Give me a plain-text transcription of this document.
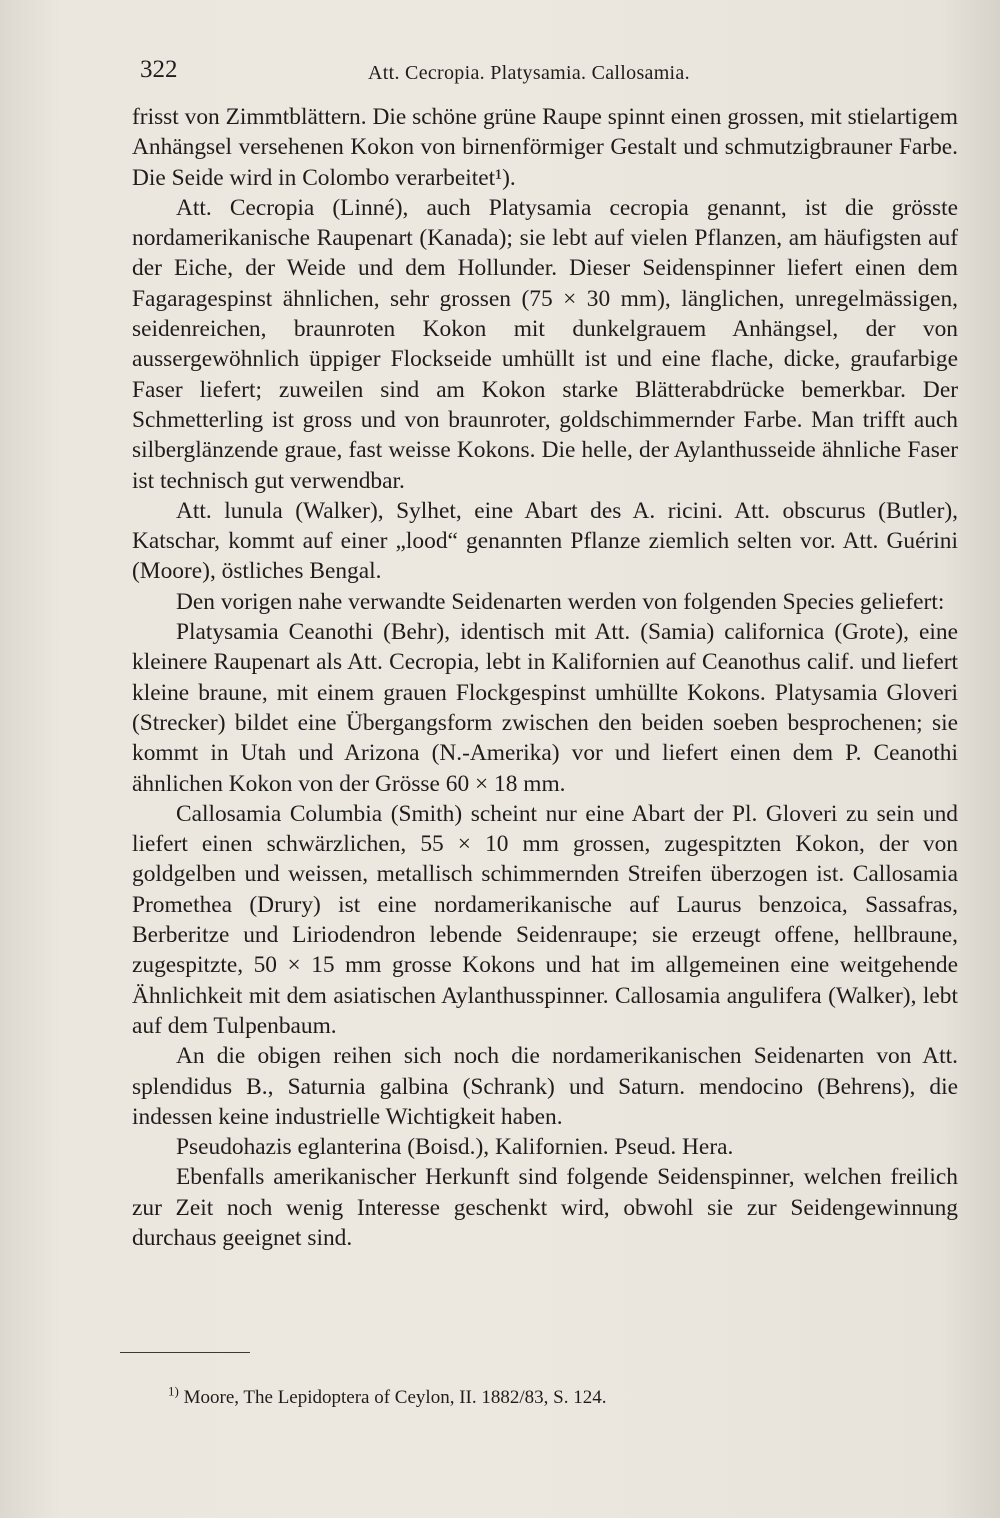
322	Att. Cecropia. Platysamia. Callosamia.

frisst von Zimmtblättern. Die schöne grüne Raupe spinnt einen grossen, mit stielartigem Anhängsel versehenen Kokon von birnenförmiger Gestalt und schmutzigbrauner Farbe. Die Seide wird in Colombo verarbeitet¹).

Att. Cecropia (Linné), auch Platysamia cecropia genannt, ist die grösste nordamerikanische Raupenart (Kanada); sie lebt auf vielen Pflanzen, am häufigsten auf der Eiche, der Weide und dem Hollunder. Dieser Seidenspinner liefert einen dem Fagaragespinst ähnlichen, sehr grossen (75 × 30 mm), länglichen, unregelmässigen, seidenreichen, braunroten Kokon mit dunkelgrauem Anhängsel, der von aussergewöhnlich üppiger Flockseide umhüllt ist und eine flache, dicke, graufarbige Faser liefert; zuweilen sind am Kokon starke Blätterabdrücke bemerkbar. Der Schmetterling ist gross und von braunroter, goldschimmernder Farbe. Man trifft auch silberglänzende graue, fast weisse Kokons. Die helle, der Aylanthusseide ähnliche Faser ist technisch gut verwendbar.

Att. lunula (Walker), Sylhet, eine Abart des A. ricini. Att. obscurus (Butler), Katschar, kommt auf einer „lood“ genannten Pflanze ziemlich selten vor. Att. Guérini (Moore), östliches Bengal.

Den vorigen nahe verwandte Seidenarten werden von folgenden Species geliefert:

Platysamia Ceanothi (Behr), identisch mit Att. (Samia) californica (Grote), eine kleinere Raupenart als Att. Cecropia, lebt in Kalifornien auf Ceanothus calif. und liefert kleine braune, mit einem grauen Flockgespinst umhüllte Kokons. Platysamia Gloveri (Strecker) bildet eine Übergangsform zwischen den beiden soeben besprochenen; sie kommt in Utah und Arizona (N.-Amerika) vor und liefert einen dem P. Ceanothi ähnlichen Kokon von der Grösse 60 × 18 mm.

Callosamia Columbia (Smith) scheint nur eine Abart der Pl. Gloveri zu sein und liefert einen schwärzlichen, 55 × 10 mm grossen, zugespitzten Kokon, der von goldgelben und weissen, metallisch schimmernden Streifen überzogen ist. Callosamia Promethea (Drury) ist eine nordamerikanische auf Laurus benzoica, Sassafras, Berberitze und Liriodendron lebende Seidenraupe; sie erzeugt offene, hellbraune, zugespitzte, 50 × 15 mm grosse Kokons und hat im allgemeinen eine weitgehende Ähnlichkeit mit dem asiatischen Aylanthusspinner. Callosamia angulifera (Walker), lebt auf dem Tulpenbaum.

An die obigen reihen sich noch die nordamerikanischen Seidenarten von Att. splendidus B., Saturnia galbina (Schrank) und Saturn. mendocino (Behrens), die indessen keine industrielle Wichtigkeit haben.

Pseudohazis eglanterina (Boisd.), Kalifornien. Pseud. Hera.

Ebenfalls amerikanischer Herkunft sind folgende Seidenspinner, welchen freilich zur Zeit noch wenig Interesse geschenkt wird, obwohl sie zur Seidengewinnung durchaus geeignet sind.

$^{1)}$ Moore, The Lepidoptera of Ceylon, II. 1882/83, S. 124.
